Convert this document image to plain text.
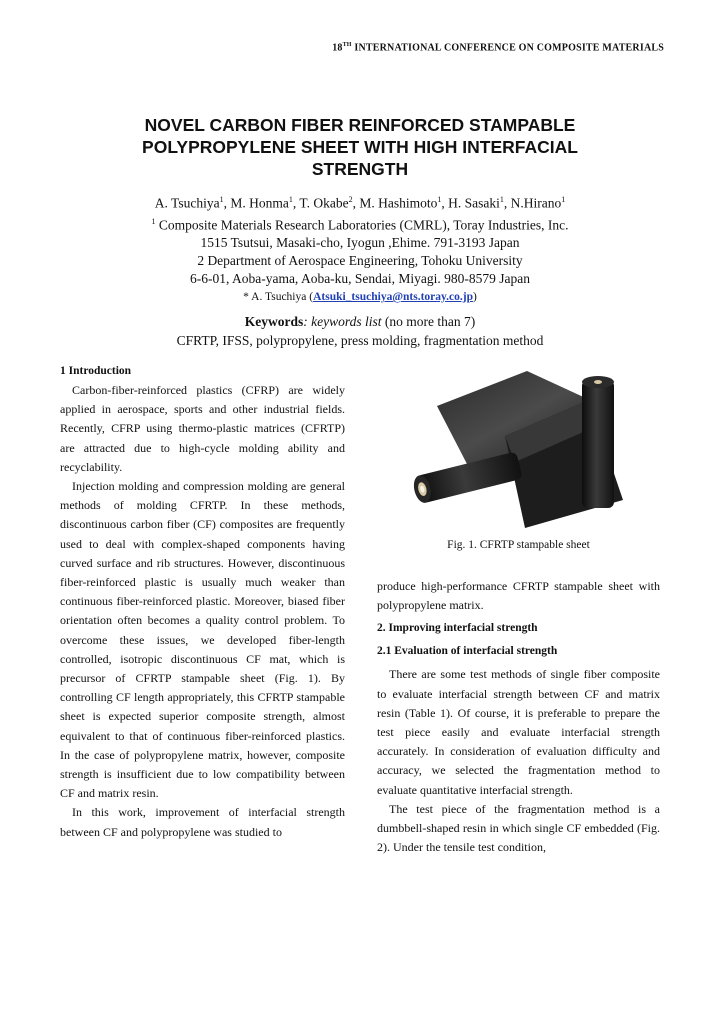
18TH INTERNATIONAL CONFERENCE ON COMPOSITE MATERIALS
NOVEL CARBON FIBER REINFORCED STAMPABLE
POLYPROPYLENE SHEET WITH HIGH INTERFACIAL
STRENGTH
A. Tsuchiya$^1$, M. Honma$^1$, T. Okabe$^2$, M. Hashimoto$^1$, H. Sasaki$^1$, N.Hirano$^1$
$^1$ Composite Materials Research Laboratories (CMRL), Toray Industries, Inc.
1515 Tsutsui, Masaki-cho, Iyogun ,Ehime. 791-3193 Japan
2 Department of Aerospace Engineering, Tohoku University
6-6-01, Aoba-yama, Aoba-ku, Sendai, Miyagi. 980-8579 Japan
* A. Tsuchiya (Atsuki_tsuchiya@nts.toray.co.jp)
Keywords: keywords list (no more than 7)
CFRTP, IFSS, polypropylene, press molding, fragmentation method
1 Introduction

Carbon-fiber-reinforced plastics (CFRP) are widely applied in aerospace, sports and other industrial fields. Recently, CFRP using thermo-plastic matrices (CFRTP) are attracted due to high-cycle molding ability and recyclability.

Injection molding and compression molding are general methods of molding CFRTP. In these methods, discontinuous carbon fiber (CF) composites are frequently used to deal with complex-shaped components having curved surface and rib structures. However, discontinuous fiber-reinforced plastic is usually much weaker than continuous fiber-reinforced plastic. Moreover, biased fiber orientation often becomes a quality control problem. To overcome these issues, we developed fiber-length controlled, isotropic discontinuous CF mat, which is precursor of CFRTP stampable sheet (Fig. 1). By controlling CF length appropriately, this CFRTP stampable sheet is expected superior composite strength, almost equivalent to that of continuous fiber-reinforced plastics. In the case of polypropylene matrix, however, composite strength is insufficient due to low compatibility between CF and matrix resin.

In this work, improvement of interfacial strength between CF and polypropylene was studied to

Fig. 1. CFRTP stampable sheet

produce high-performance CFRTP stampable sheet with polypropylene matrix.

2. Improving interfacial strength
2.1 Evaluation of interfacial strength

There are some test methods of single fiber composite to evaluate interfacial strength between CF and matrix resin (Table 1). Of course, it is preferable to prepare the test piece easily and evaluate interfacial strength accurately. In consideration of evaluation difficulty and accuracy, we selected the fragmentation method to evaluate quantitative interfacial strength.

The test piece of the fragmentation method is a dumbbell-shaped resin in which single CF embedded (Fig. 2). Under the tensile test condition,
